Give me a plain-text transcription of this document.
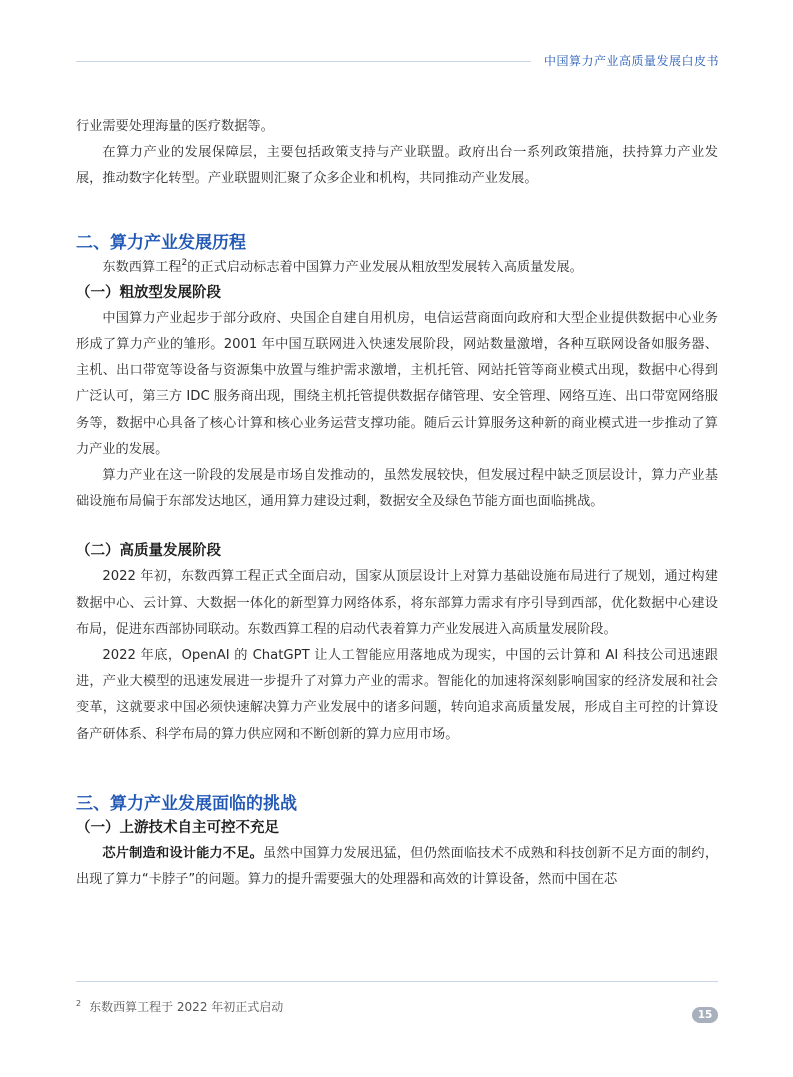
中国算力产业高质量发展白皮书

行业需要处理海量的医疗数据等。

在算力产业的发展保障层，主要包括政策支持与产业联盟。政府出台一系列政策措施，扶持算力产业发展，推动数字化转型。产业联盟则汇聚了众多企业和机构，共同推动产业发展。

二、算力产业发展历程

东数西算工程$^2$的正式启动标志着中国算力产业发展从粗放型发展转入高质量发展。

（一）粗放型发展阶段

中国算力产业起步于部分政府、央国企自建自用机房，电信运营商面向政府和大型企业提供数据中心业务形成了算力产业的雏形。2001 年中国互联网进入快速发展阶段，网站数量激增，各种互联网设备如服务器、主机、出口带宽等设备与资源集中放置与维护需求激增，主机托管、网站托管等商业模式出现，数据中心得到广泛认可，第三方 IDC 服务商出现，围绕主机托管提供数据存储管理、安全管理、网络互连、出口带宽网络服务等，数据中心具备了核心计算和核心业务运营支撑功能。随后云计算服务这种新的商业模式进一步推动了算力产业的发展。

算力产业在这一阶段的发展是市场自发推动的，虽然发展较快，但发展过程中缺乏顶层设计，算力产业基础设施布局偏于东部发达地区，通用算力建设过剩，数据安全及绿色节能方面也面临挑战。

（二）高质量发展阶段

2022 年初，东数西算工程正式全面启动，国家从顶层设计上对算力基础设施布局进行了规划，通过构建数据中心、云计算、大数据一体化的新型算力网络体系，将东部算力需求有序引导到西部，优化数据中心建设布局，促进东西部协同联动。东数西算工程的启动代表着算力产业发展进入高质量发展阶段。

2022 年底，OpenAI 的 ChatGPT 让人工智能应用落地成为现实，中国的云计算和 AI 科技公司迅速跟进，产业大模型的迅速发展进一步提升了对算力产业的需求。智能化的加速将深刻影响国家的经济发展和社会变革，这就要求中国必须快速解决算力产业发展中的诸多问题，转向追求高质量发展，形成自主可控的计算设备产研体系、科学布局的算力供应网和不断创新的算力应用市场。

三、算力产业发展面临的挑战
（一）上游技术自主可控不充足

芯片制造和设计能力不足。虽然中国算力发展迅猛，但仍然面临技术不成熟和科技创新不足方面的制约，出现了算力“卡脖子”的问题。算力的提升需要强大的处理器和高效的计算设备，然而中国在芯

$^2$ 东数西算工程于 2022 年初正式启动
15
